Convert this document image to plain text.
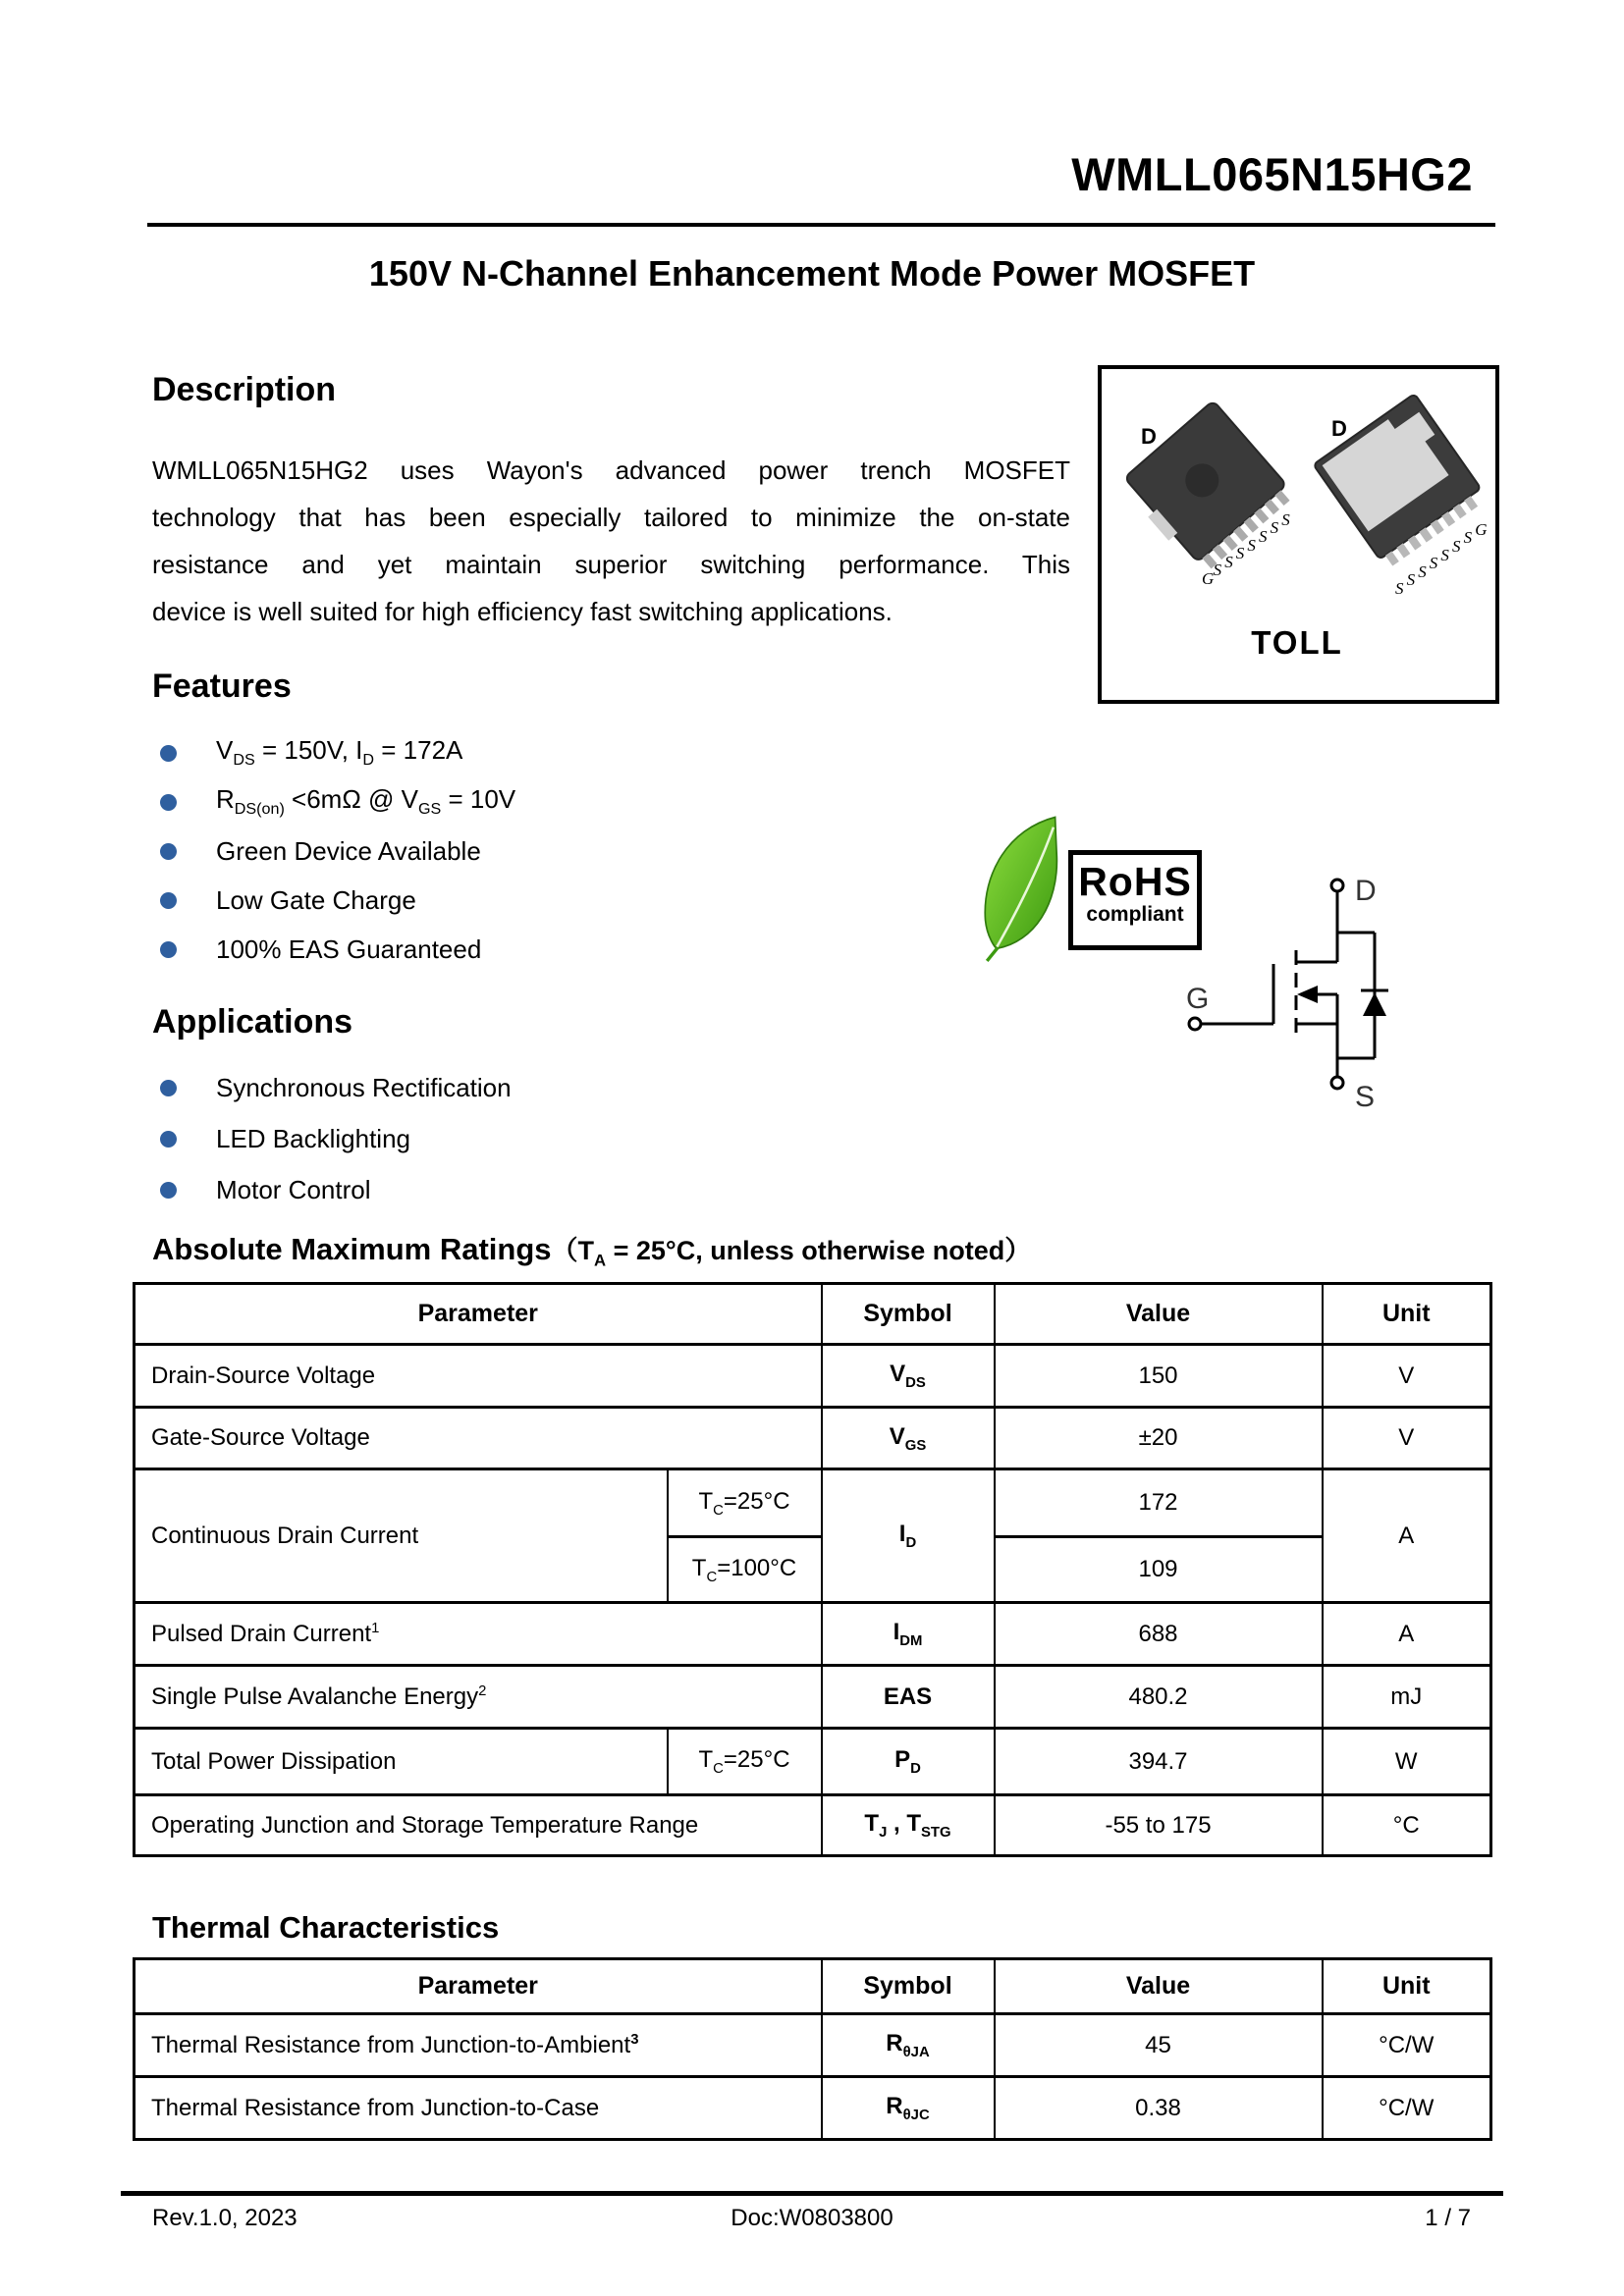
WMLL065N15HG2
150V N-Channel Enhancement Mode Power MOSFET
Description
WMLL065N15HG2 uses Wayon's advanced power trench MOSFET
technology that has been especially tailored to minimize the on-state
resistance and yet maintain superior switching performance. This
device is well suited for high efficiency fast switching applications.
D	D
G S S S S S S S
S S S S S S S G
TOLL
Features
$V_{DS} = 150V$, $I_D = 172A$
$R_{DS(on)} <6m\Omega$ @ $V_{GS} = 10V$
Green Device Available
Low Gate Charge
100% EAS Guaranteed
RoHS
compliant
D
G
S
Applications
Synchronous Rectification
LED Backlighting
Motor Control
Absolute Maximum $Ratings(T_A = 25^\circ C$, unless otherwise noted）
Parameter		Symbol	Value	Unit
Drain-Source Voltage		$V_{DS}$	150	V
Gate-Source Voltage		$V_{GS}$	±20	V
Continuous Drain Current	$T_C=25^\circ C$	$I_D$	172	A
	$T_C=100^\circ C$		109	
Pulsed Drain Current$^1$		$I_{DM}$	688	A
Single Pulse Avalanche Energy$^2$		EAS	480.2	mJ
Total Power Dissipation	$T_C=25^\circ C$	$P_D$	394.7	W
Operating Junction and Storage Temperature Range		$T_J$ , $T_{STG}$	-55 to 175	°C
Thermal Characteristics
Parameter	Symbol	Value	Unit
Thermal Resistance from Junction-to-Ambient$^3$	$R_{\theta JA}$	45	°C/W
Thermal Resistance from Junction-to-Case	$R_{\theta JC}$	0.38	°C/W
Rev.1.0, 2023	Doc:W0803800	1 / 7
